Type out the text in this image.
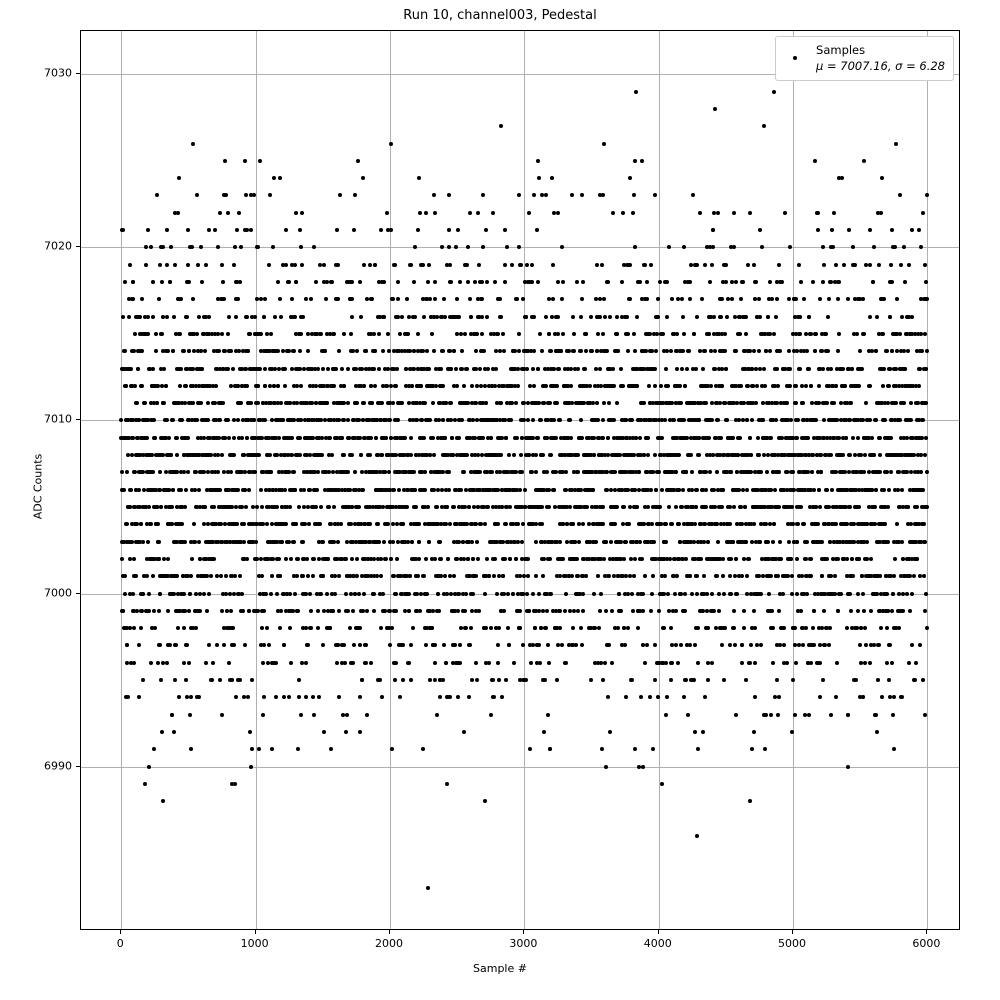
Run 10, channel003, Pedestal
Samples
μ = 7007.16, σ = 6.28
0	1000	2000	3000	4000	5000	6000
6990
7000
7010
7020
7030
Sample #
ADC Counts
